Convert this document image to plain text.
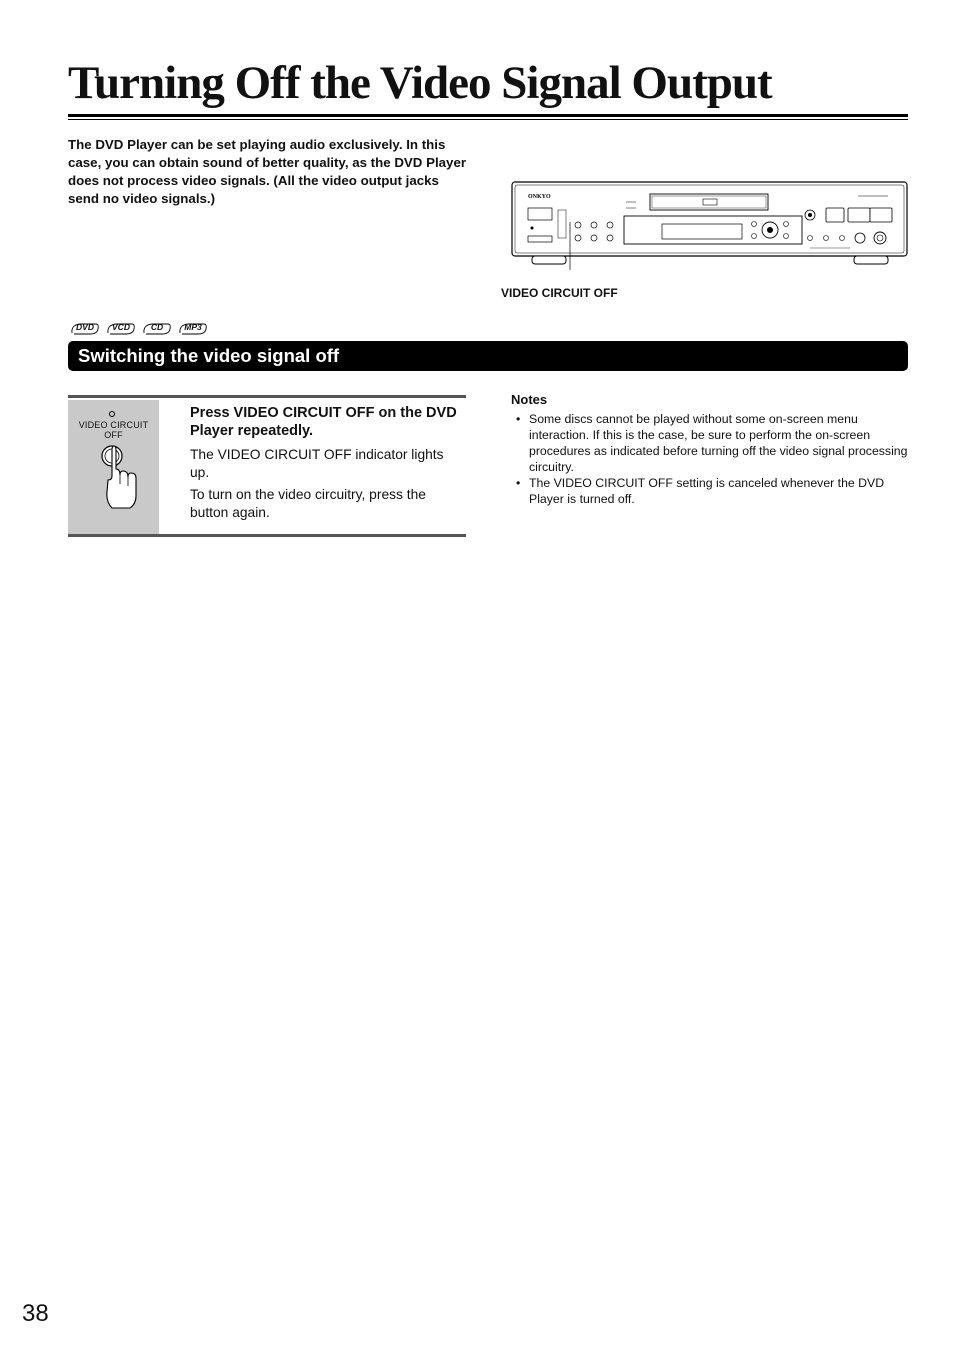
Turning Off the Video Signal Output

The DVD Player can be set playing audio exclusively. In this case, you can obtain sound of better quality, as the DVD Player does not process video signals. (All the video output jacks send no video signals.)	ONKYO
VIDEO CIRCUIT OFF
DVD	VCD	CD	MP3
Switching the video signal off
VIDEO CIRCUIT
OFF

Press VIDEO CIRCUIT OFF on the DVD Player repeatedly.

The VIDEO CIRCUIT OFF indicator lights up.

To turn on the video circuitry, press the button again.

Notes

• Some discs cannot be played without some on-screen menu interaction. If this is the case, be sure to perform the on-screen procedures as indicated before turning off the video signal processing circuitry.
• The VIDEO CIRCUIT OFF setting is canceled whenever the DVD Player is turned off.
38
